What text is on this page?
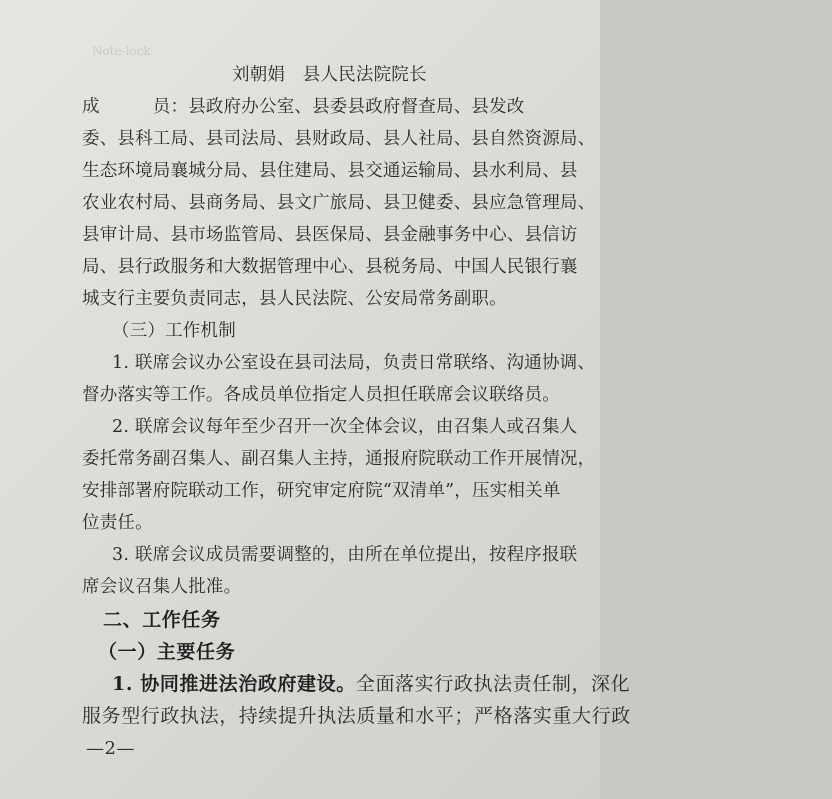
Note-lock
刘朝娟　县人民法院院长
成　　　员：县政府办公室、县委县政府督查局、县发改
委、县科工局、县司法局、县财政局、县人社局、县自然资源局、
生态环境局襄城分局、县住建局、县交通运输局、县水利局、县
农业农村局、县商务局、县文广旅局、县卫健委、县应急管理局、
县审计局、县市场监管局、县医保局、县金融事务中心、县信访
局、县行政服务和大数据管理中心、县税务局、中国人民银行襄
城支行主要负责同志，县人民法院、公安局常务副职。
（三）工作机制
1. 联席会议办公室设在县司法局，负责日常联络、沟通协调、
督办落实等工作。各成员单位指定人员担任联席会议联络员。
2. 联席会议每年至少召开一次全体会议，由召集人或召集人
委托常务副召集人、副召集人主持，通报府院联动工作开展情况，
安排部署府院联动工作，研究审定府院“双清单”，压实相关单
位责任。
3. 联席会议成员需要调整的，由所在单位提出，按程序报联
席会议召集人批准。
二、工作任务
（一）主要任务
1. 协同推进法治政府建设。全面落实行政执法责任制，深化
服务型行政执法，持续提升执法质量和水平；严格落实重大行政
—2—
